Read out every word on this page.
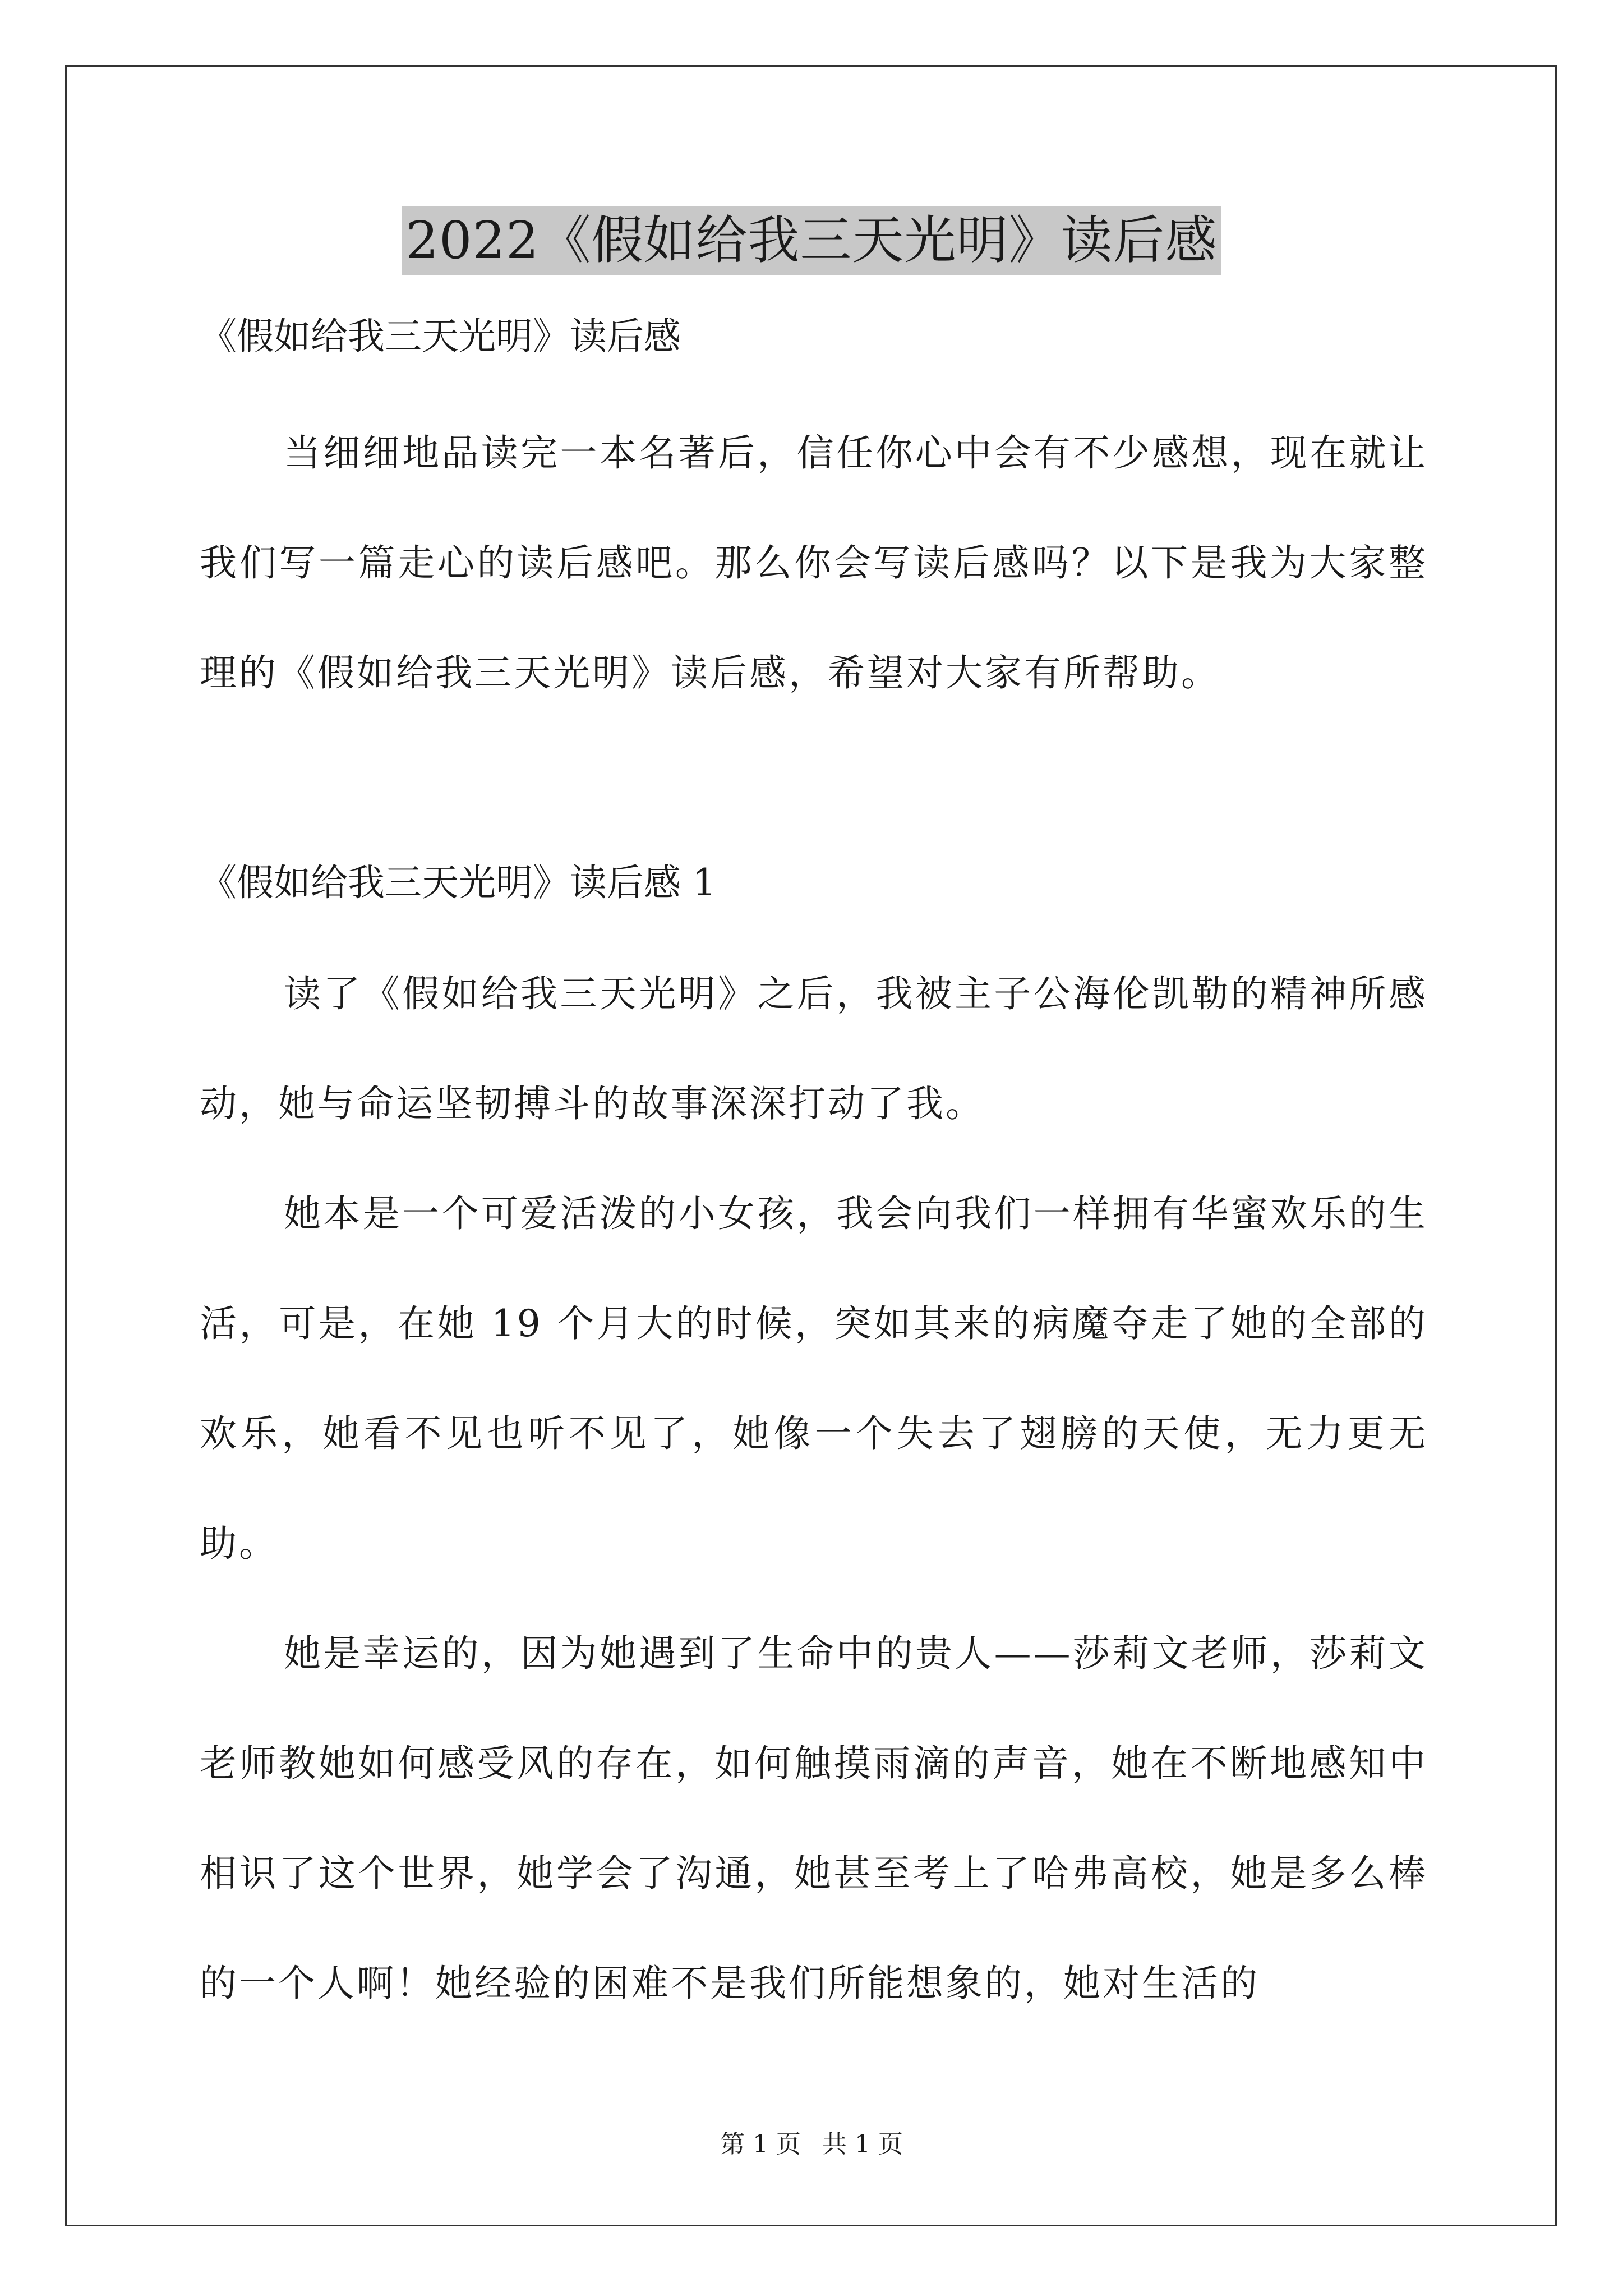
2022《假如给我三天光明》读后感

《假如给我三天光明》读后感

当细细地品读完一本名著后，信任你心中会有不少感想，现在就让我们写一篇走心的读后感吧。那么你会写读后感吗？以下是我为大家整理的《假如给我三天光明》读后感，希望对大家有所帮助。

《假如给我三天光明》读后感 1

读了《假如给我三天光明》之后，我被主子公海伦凯勒的精神所感动，她与命运坚韧搏斗的故事深深打动了我。

她本是一个可爱活泼的小女孩，我会向我们一样拥有华蜜欢乐的生活，可是，在她 19 个月大的时候，突如其来的病魔夺走了她的全部的欢乐，她看不见也听不见了，她像一个失去了翅膀的天使，无力更无助。

她是幸运的，因为她遇到了生命中的贵人——莎莉文老师，莎莉文老师教她如何感受风的存在，如何触摸雨滴的声音，她在不断地感知中相识了这个世界，她学会了沟通，她甚至考上了哈弗高校，她是多么棒的一个人啊！她经验的困难不是我们所能想象的，她对生活的

第 1 页 共 1 页
